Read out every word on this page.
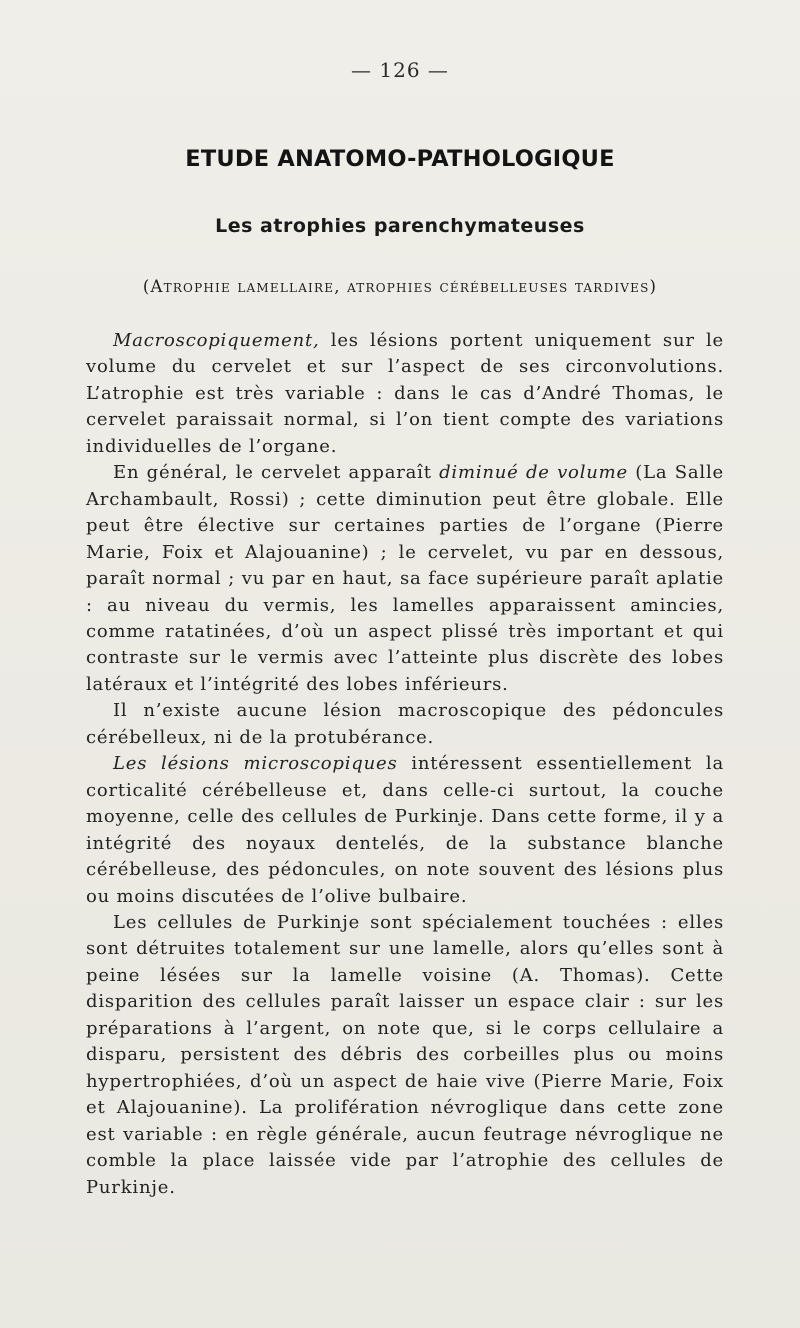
— 126 —
ETUDE ANATOMO-PATHOLOGIQUE
Les atrophies parenchymateuses
(Atrophie lamellaire, atrophies cérébelleuses tardives)

Macroscopiquement, les lésions portent uniquement sur le volume du cervelet et sur l’aspect de ses circonvolutions. L’atrophie est très variable : dans le cas d’André Thomas, le cervelet paraissait normal, si l’on tient compte des variations individuelles de l’organe.

En général, le cervelet apparaît diminué de volume (La Salle Archambault, Rossi) ; cette diminution peut être globale. Elle peut être élective sur certaines parties de l’organe (Pierre Marie, Foix et Alajouanine) ; le cervelet, vu par en dessous, paraît normal ; vu par en haut, sa face supérieure paraît aplatie : au niveau du vermis, les lamelles apparaissent amincies, comme ratatinées, d’où un aspect plissé très important et qui contraste sur le vermis avec l’atteinte plus discrète des lobes latéraux et l’intégrité des lobes inférieurs.

Il n’existe aucune lésion macroscopique des pédoncules cérébelleux, ni de la protubérance.

Les lésions microscopiques intéressent essentiellement la corticalité cérébelleuse et, dans celle-ci surtout, la couche moyenne, celle des cellules de Purkinje. Dans cette forme, il y a intégrité des noyaux dentelés, de la substance blanche cérébelleuse, des pédoncules, on note souvent des lésions plus ou moins discutées de l’olive bulbaire.

Les cellules de Purkinje sont spécialement touchées : elles sont détruites totalement sur une lamelle, alors qu’elles sont à peine lésées sur la lamelle voisine (A. Thomas). Cette disparition des cellules paraît laisser un espace clair : sur les préparations à l’argent, on note que, si le corps cellulaire a disparu, persistent des débris des corbeilles plus ou moins hypertrophiées, d’où un aspect de haie vive (Pierre Marie, Foix et Alajouanine). La prolifération névroglique dans cette zone est variable : en règle générale, aucun feutrage névroglique ne comble la place laissée vide par l’atrophie des cellules de Purkinje.
